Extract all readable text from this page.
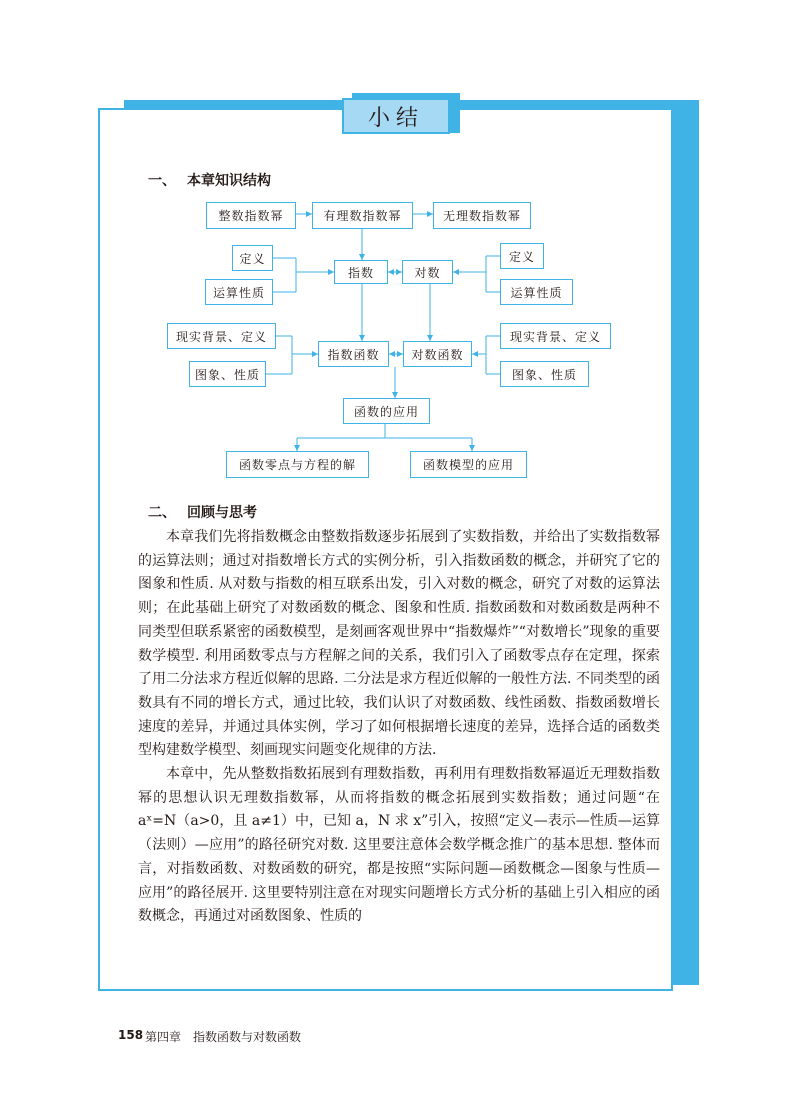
小结
一、 本章知识结构
整数指数幂	有理数指数幂	无理数指数幂
定义
运算性质
指数	对数
定义
运算性质
现实背景、定义
图象、性质
指数函数	对数函数
现实背景、定义
图象、性质
函数的应用
函数零点与方程的解	函数模型的应用
二、 回顾与思考

本章我们先将指数概念由整数指数逐步拓展到了实数指数，并给出了实数指数幂的运算法则；通过对指数增长方式的实例分析，引入指数函数的概念，并研究了它的图象和性质. 从对数与指数的相互联系出发，引入对数的概念，研究了对数的运算法则；在此基础上研究了对数函数的概念、图象和性质. 指数函数和对数函数是两种不同类型但联系紧密的函数模型，是刻画客观世界中“指数爆炸”“对数增长”现象的重要数学模型. 利用函数零点与方程解之间的关系，我们引入了函数零点存在定理，探索了用二分法求方程近似解的思路. 二分法是求方程近似解的一般性方法. 不同类型的函数具有不同的增长方式，通过比较，我们认识了对数函数、线性函数、指数函数增长速度的差异，并通过具体实例，学习了如何根据增长速度的差异，选择合适的函数类型构建数学模型、刻画现实问题变化规律的方法.

本章中，先从整数指数拓展到有理数指数，再利用有理数指数幂逼近无理数指数幂的思想认识无理数指数幂，从而将指数的概念拓展到实数指数；通过问题“在 aˣ=N（a>0，且 a≠1）中，已知 a，N 求 x”引入，按照“定义—表示—性质—运算（法则）—应用”的路径研究对数. 这里要注意体会数学概念推广的基本思想. 整体而言，对指数函数、对数函数的研究，都是按照“实际问题—函数概念—图象与性质—应用”的路径展开. 这里要特别注意在对现实问题增长方式分析的基础上引入相应的函数概念，再通过对函数图象、性质的

158 第四章 指数函数与对数函数
